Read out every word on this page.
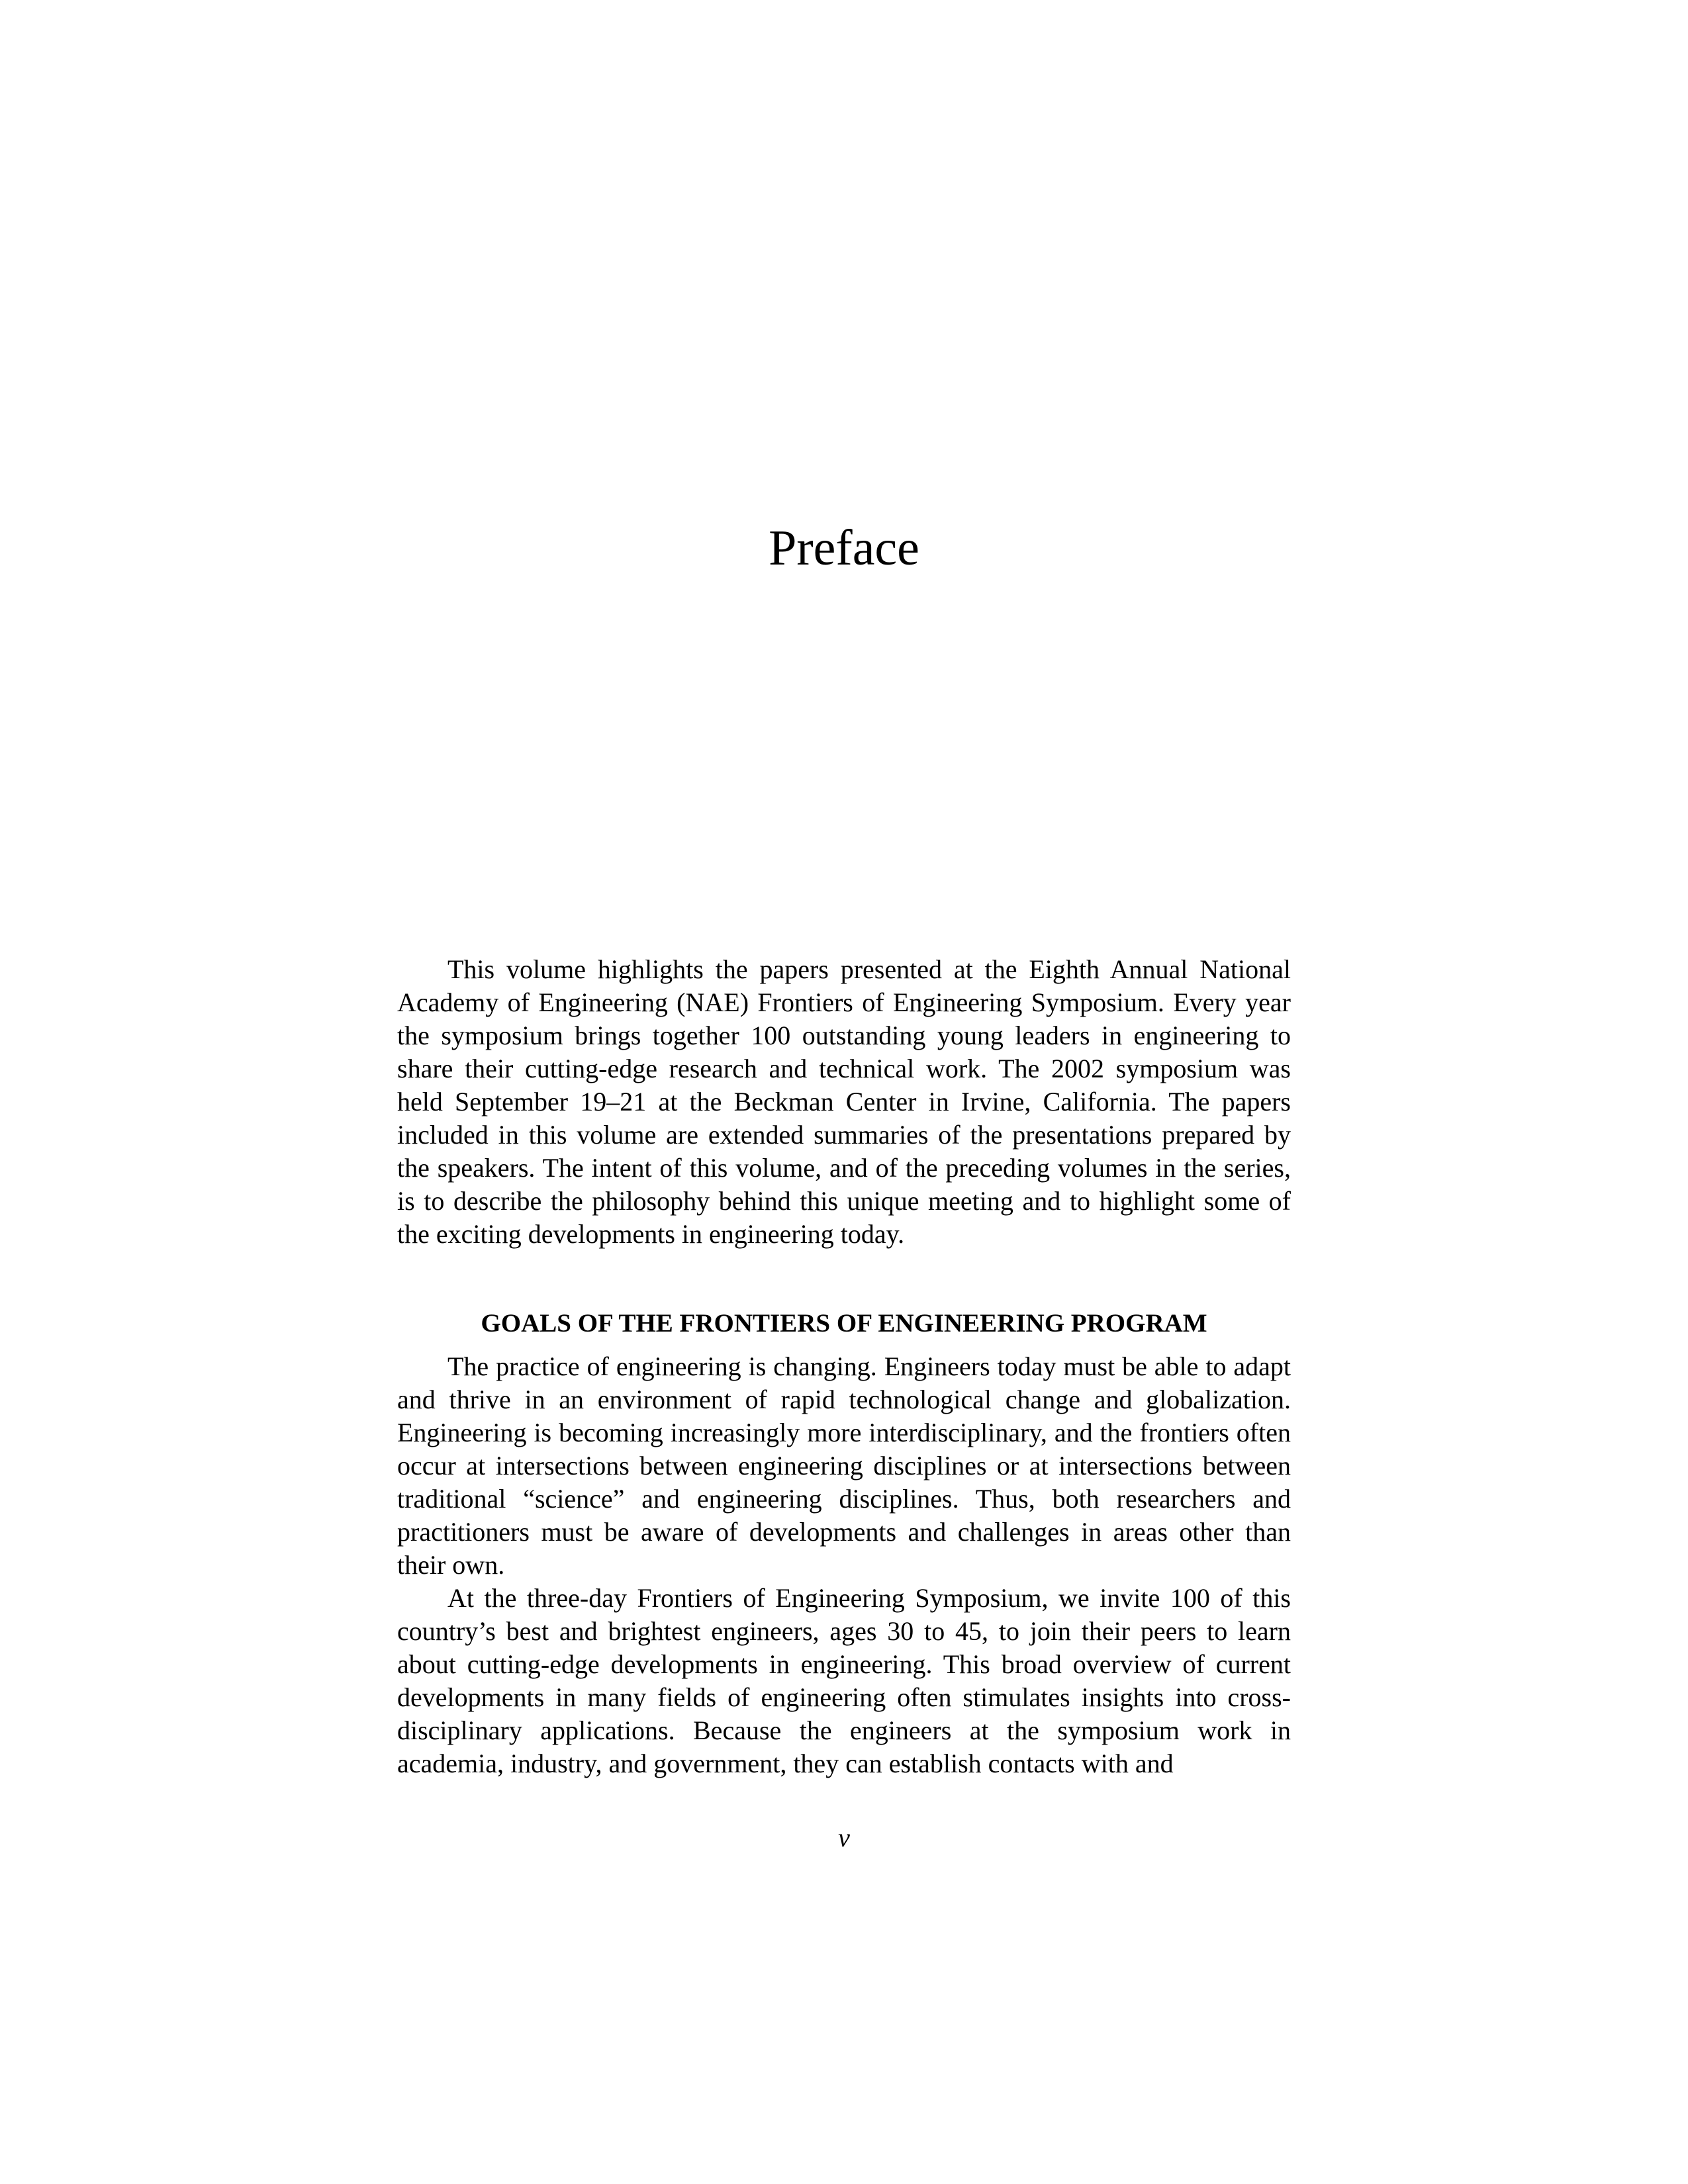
Preface

This volume highlights the papers presented at the Eighth Annual National Academy of Engineering (NAE) Frontiers of Engineering Symposium. Every year the symposium brings together 100 outstanding young leaders in engineering to share their cutting-edge research and technical work. The 2002 symposium was held September 19–21 at the Beckman Center in Irvine, California. The papers included in this volume are extended summaries of the presentations prepared by the speakers. The intent of this volume, and of the preceding volumes in the series, is to describe the philosophy behind this unique meeting and to highlight some of the exciting developments in engineering today.

GOALS OF THE FRONTIERS OF ENGINEERING PROGRAM

The practice of engineering is changing. Engineers today must be able to adapt and thrive in an environment of rapid technological change and globalization. Engineering is becoming increasingly more interdisciplinary, and the frontiers often occur at intersections between engineering disciplines or at intersections between traditional “science” and engineering disciplines. Thus, both researchers and practitioners must be aware of developments and challenges in areas other than their own.

At the three-day Frontiers of Engineering Symposium, we invite 100 of this country’s best and brightest engineers, ages 30 to 45, to join their peers to learn about cutting-edge developments in engineering. This broad overview of current developments in many fields of engineering often stimulates insights into cross-disciplinary applications. Because the engineers at the symposium work in academia, industry, and government, they can establish contacts with and

v
